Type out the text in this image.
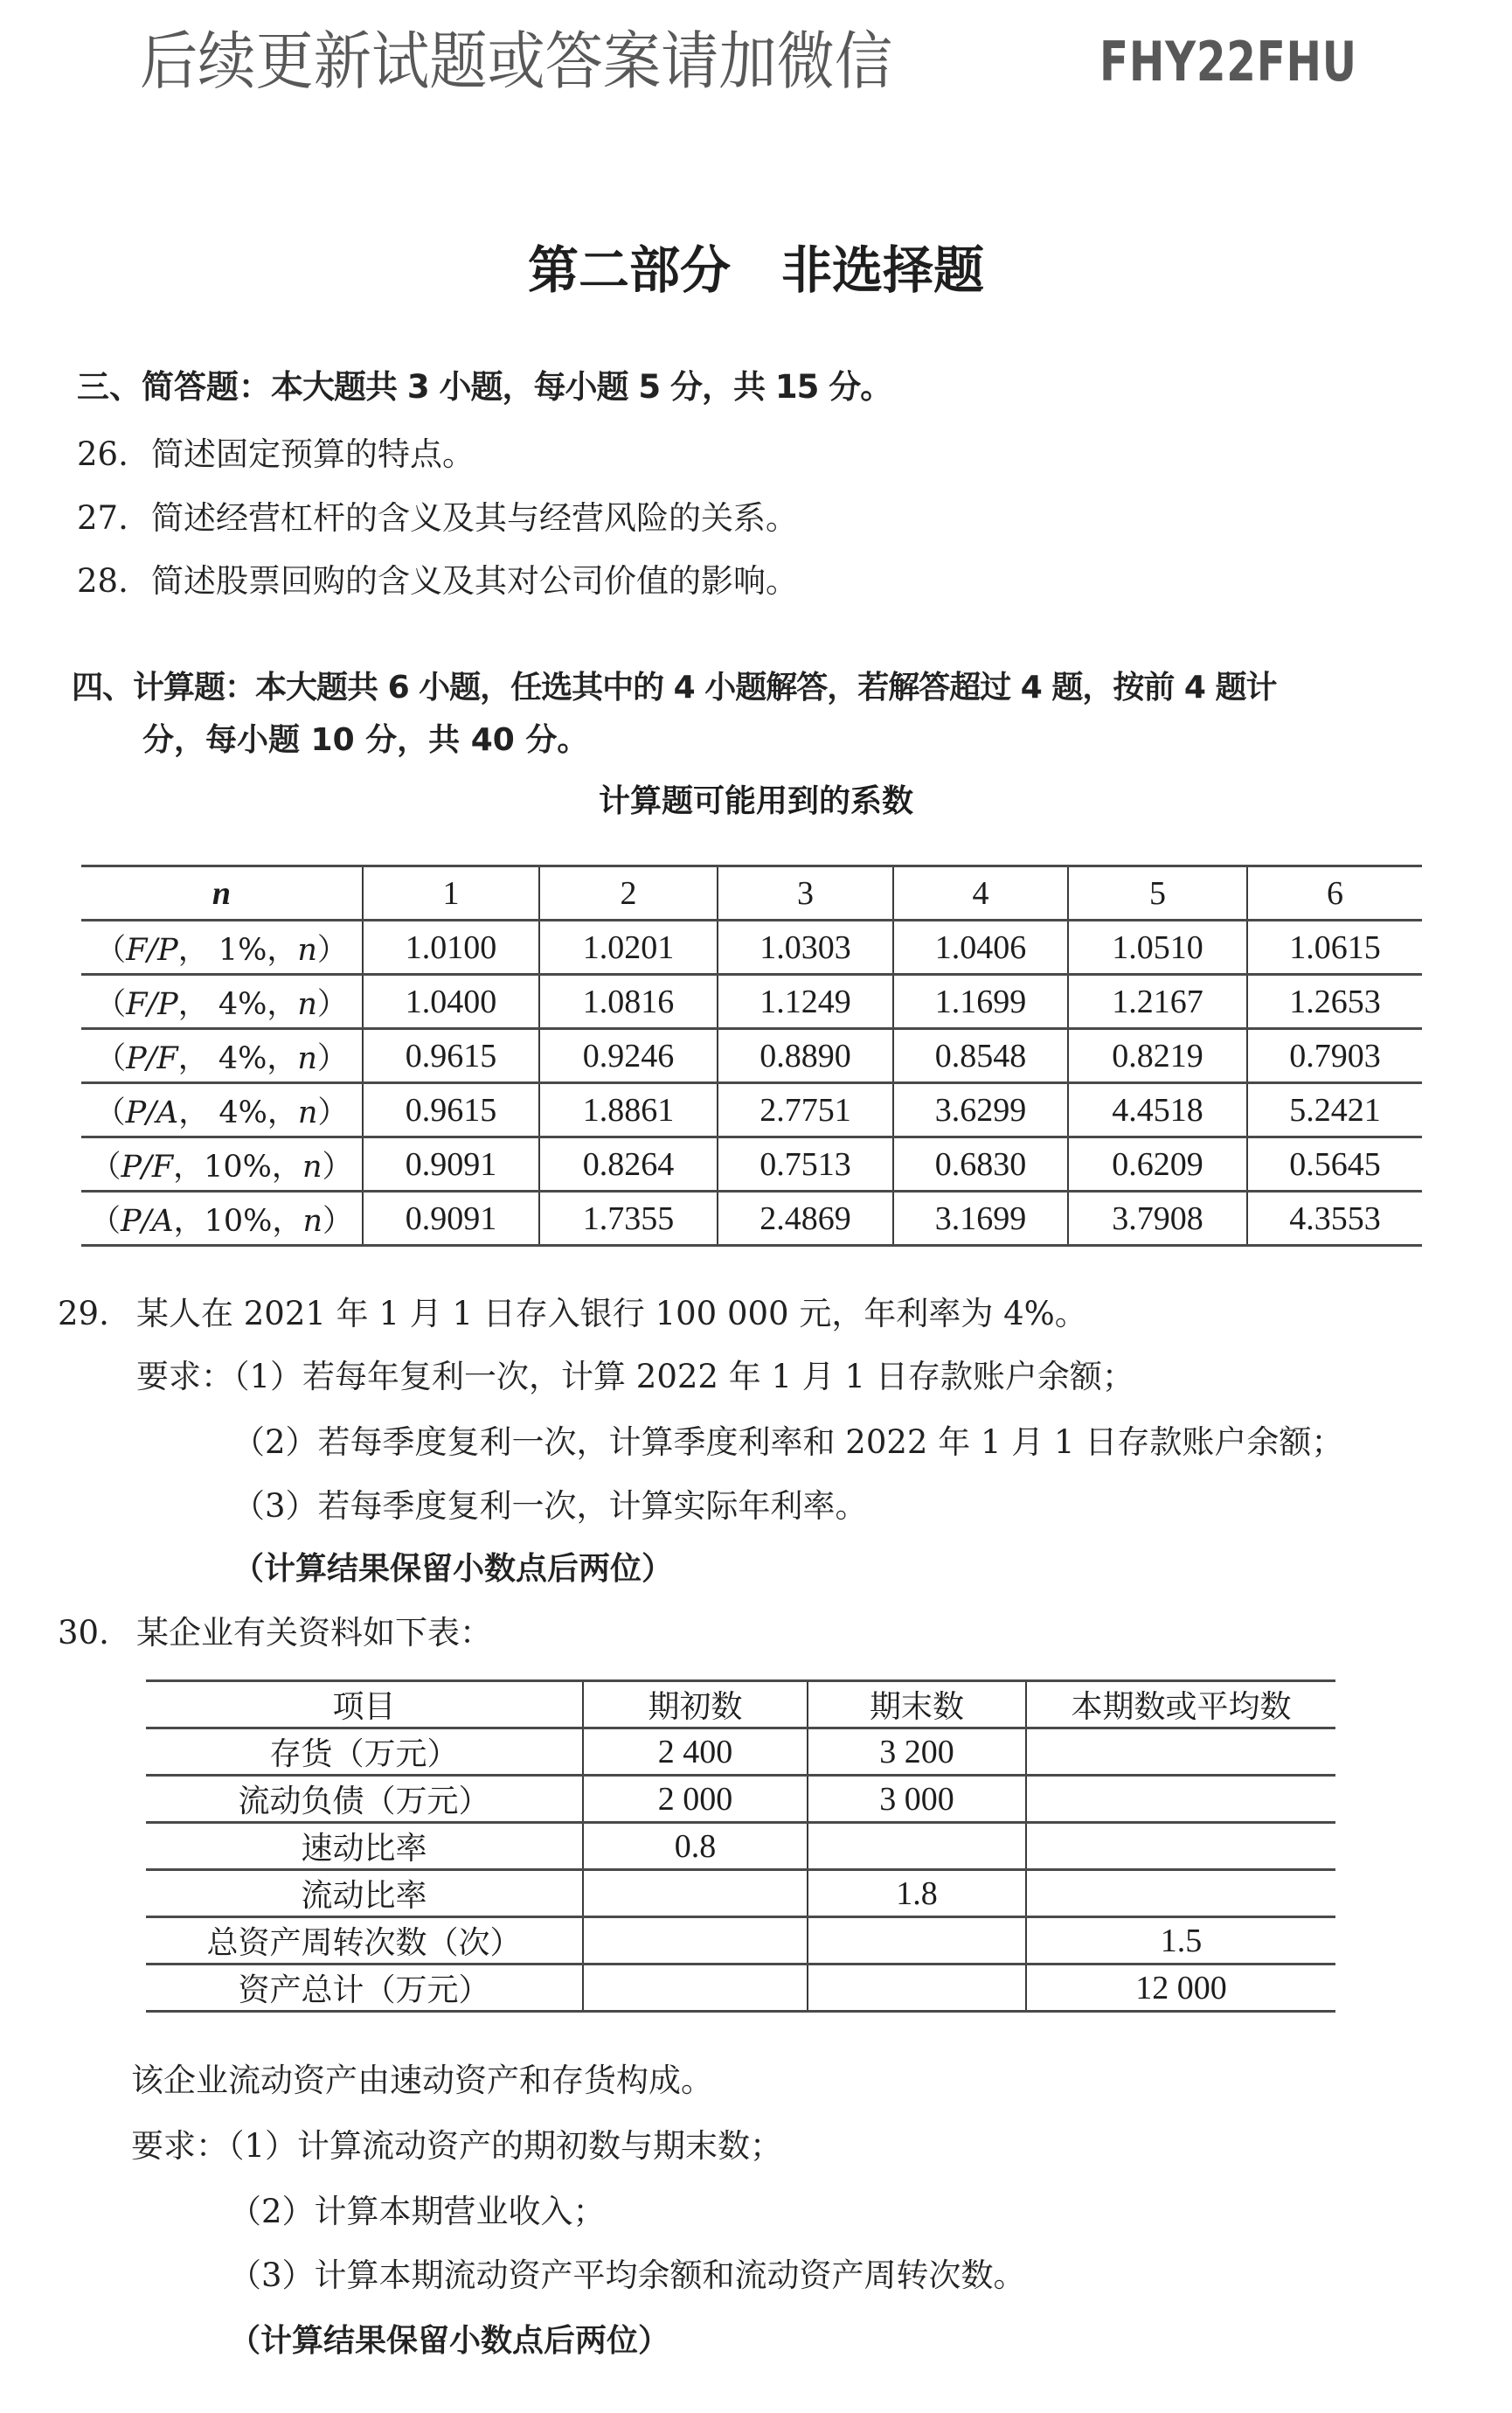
后续更新试题或答案请加微信	FHY22FHU
第二部分 非选择题
三、简答题：本大题共 3 小题，每小题 5 分，共 15 分。
26. 简述固定预算的特点。
27. 简述经营杠杆的含义及其与经营风险的关系。
28. 简述股票回购的含义及其对公司价值的影响。
四、计算题：本大题共 6 小题，任选其中的 4 小题解答，若解答超过 4 题，按前 4 题计
分，每小题 10 分，共 40 分。
计算题可能用到的系数
n	1	2	3	4	5	6
（F/P， 1%，n）	1.0100	1.0201	1.0303	1.0406	1.0510	1.0615
（F/P， 4%，n）	1.0400	1.0816	1.1249	1.1699	1.2167	1.2653
（P/F， 4%，n）	0.9615	0.9246	0.8890	0.8548	0.8219	0.7903
（P/A， 4%，n）	0.9615	1.8861	2.7751	3.6299	4.4518	5.2421
（P/F，10%，n）	0.9091	0.8264	0.7513	0.6830	0.6209	0.5645
（P/A，10%，n）	0.9091	1.7355	2.4869	3.1699	3.7908	4.3553
29. 某人在 2021 年 1 月 1 日存入银行 100 000 元，年利率为 4%。
要求：（1）若每年复利一次，计算 2022 年 1 月 1 日存款账户余额；
（2）若每季度复利一次，计算季度利率和 2022 年 1 月 1 日存款账户余额；
（3）若每季度复利一次，计算实际年利率。
（计算结果保留小数点后两位）
30. 某企业有关资料如下表：
项目	期初数	期末数	本期数或平均数
存货（万元）	2 400	3 200	
流动负债（万元）	2 000	3 000	
速动比率	0.8		
流动比率		1.8	
总资产周转次数（次）			1.5
资产总计（万元）			12 000
该企业流动资产由速动资产和存货构成。
要求：（1）计算流动资产的期初数与期末数；
（2）计算本期营业收入；
（3）计算本期流动资产平均余额和流动资产周转次数。
（计算结果保留小数点后两位）
